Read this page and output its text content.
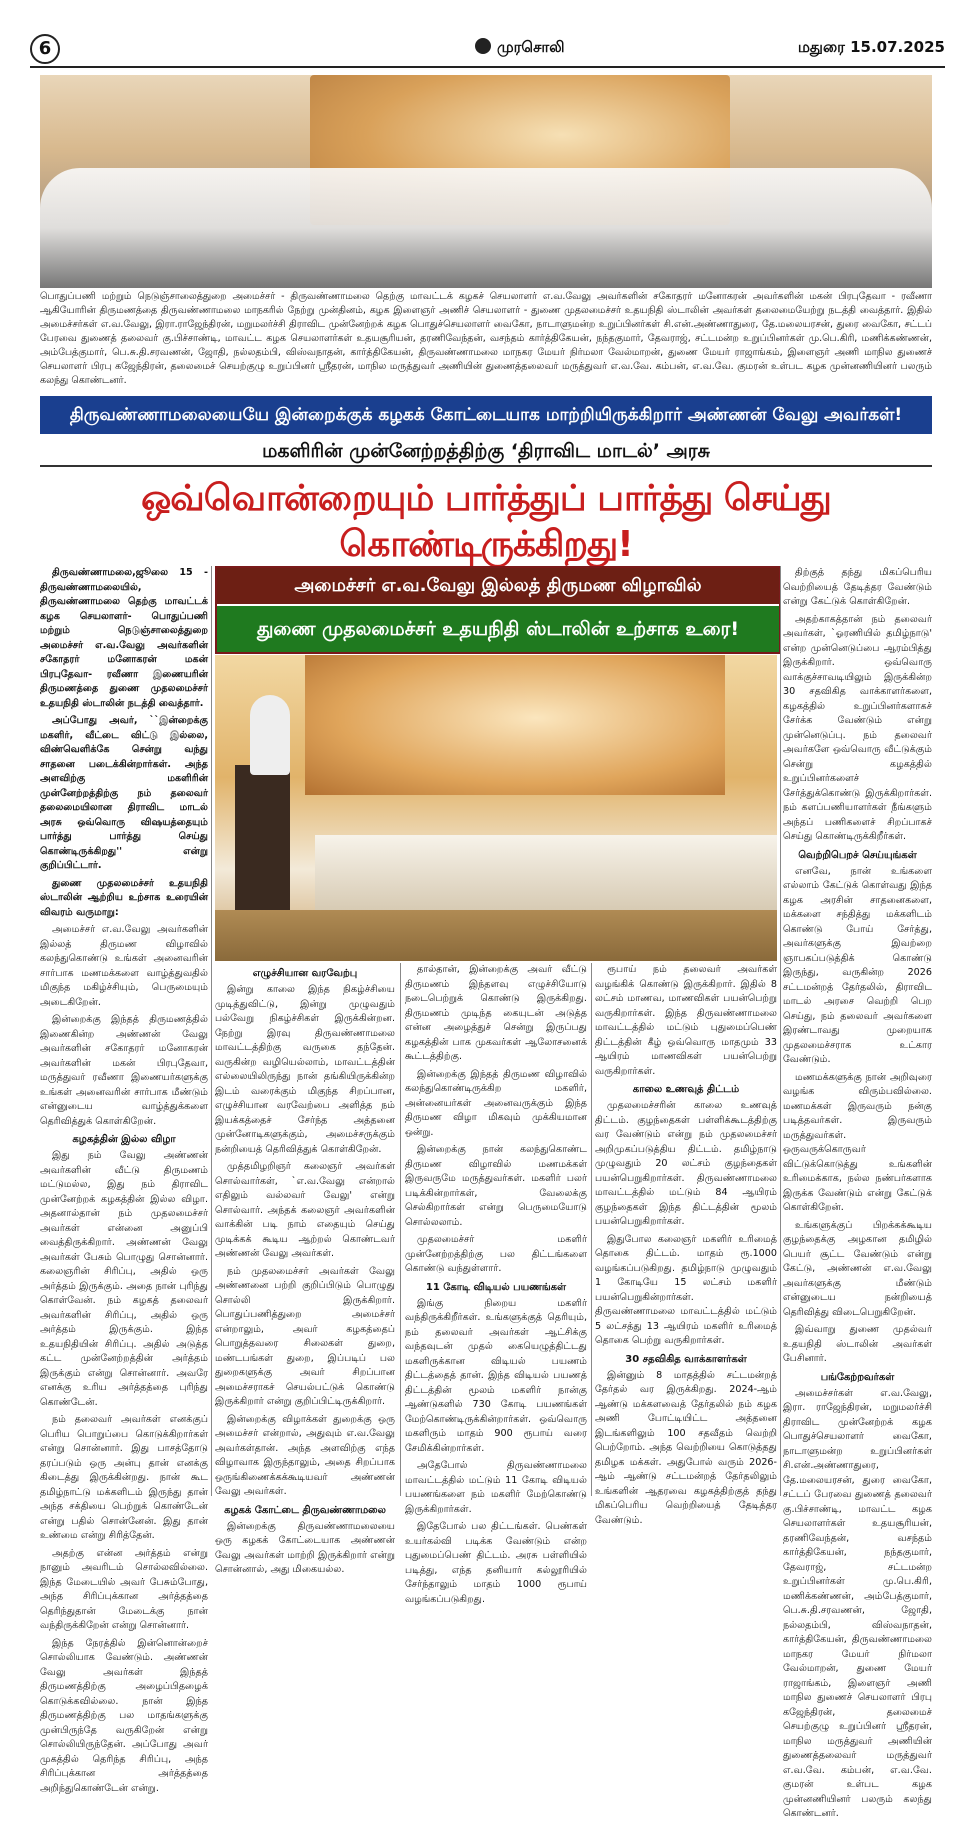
6	முரசொலி	மதுரை 15.07.2025
பொதுப்பணி மற்றும் நெடுஞ்சாலைத்துறை அமைச்சர் - திருவண்ணாமலை தெற்கு மாவட்டக் கழகச் செயலாளர் எ.வ.வேலு அவர்களின் சகோதரர் மனோகரன் அவர்களின் மகன் பிரபுதேவா - ரவீணா ஆகியோரின் திருமணத்தை திருவண்ணாமலை மாநகரில் நேற்று முன்தினம், கழக இளைஞர் அணிச் செயலாளர் - துணை முதலமைச்சர் உதயநிதி ஸ்டாலின் அவர்கள் தலைமையேற்று நடத்தி வைத்தார். இதில் அமைச்சர்கள் எ.வ.வேலு, இரா.ராஜேந்திரன், மறுமலர்ச்சி திராவிட முன்னேற்றக் கழக பொதுச்செயலாளர் வைகோ, நாடாளுமன்ற உறுப்பினர்கள் சி.என்.அண்ணாதுரை, தே.மலையரசன், துரை வைகோ, சட்டப் பேரவை துணைத் தலைவர் கு.பிச்சாண்டி, மாவட்ட கழக செயலாளர்கள் உதயசூரியன், தரணிவேந்தன், வசந்தம் கார்த்திகேயன், நந்தகுமார், தேவராஜ், சட்டமன்ற உறுப்பினர்கள் மு.பெ.கிரி, மணிக்கண்ணன், அம்பேத்குமார், பெ.சு.தி.சரவணன், ஜோதி, நல்லதம்பி, விஸ்வநாதன், கார்த்திகேயன், திருவண்ணாமலை மாநகர மேயர் நிர்மலா வேல்மாறன், துணை மேயர் ராஜாங்கம், இளைஞர் அணி மாநில துணைச் செயலாளர் பிரபு கஜேந்திரன், தலைமைச் செயற்குழு உறுப்பினர் ஸ்ரீதரன், மாநில மருத்துவர் அணியின் துணைத்தலைவர் மருத்துவர் எ.வ.வே. கம்பன், எ.வ.வே. குமரன் உள்பட கழக முன்னணியினர் பலரும் கலந்து கொண்டனர்.
திருவண்ணாமலையையே இன்றைக்குக் கழகக் கோட்டையாக மாற்றியிருக்கிறார் அண்ணன் வேலு அவர்கள்!
மகளிரின் முன்னேற்றத்திற்கு ‘திராவிட மாடல்’ அரசு
ஒவ்வொன்றையும் பார்த்துப் பார்த்து செய்து கொண்டிருக்கிறது!
அமைச்சர் எ.வ.வேலு இல்லத் திருமண விழாவில்
துணை முதலமைச்சர் உதயநிதி ஸ்டாலின் உற்சாக உரை!

திருவண்ணாமலை,ஜூலை 15 - திருவண்ணாமலையில், திருவண்ணாமலை தெற்கு மாவட்டக் கழக செயலாளர்- பொதுப்பணி மற்றும் நெடுஞ்சாலைத்துறை அமைச்சர் எ.வ.வேலு அவர்களின் சகோதரர் மனோகரன் மகன் பிரபுதேவா- ரவீணா இணையரின் திருமணத்தை துணை முதலமைச்சர் உதயநிதி ஸ்டாலின் நடத்தி வைத்தார்.

அப்போது அவர், ``இன்றைக்கு மகளிர், வீட்டை விட்டு இல்லை, விண்வெளிக்கே சென்று வந்து சாதனை படைக்கின்றார்கள். அந்த அளவிற்கு மகளிரின் முன்னேற்றத்திற்கு நம் தலைவர் தலைமையிலான திராவிட மாடல் அரசு ஒவ்வொரு விஷயத்தையும் பார்த்து பார்த்து செய்து கொண்டிருக்கிறது'' என்று குறிப்பிட்டார்.

துணை முதலமைச்சர் உதயநிதி ஸ்டாலின் ஆற்றிய உற்சாக உரையின் விவரம் வருமாறு:

அமைச்சர் எ.வ.வேலு அவர்களின் இல்லத் திருமண விழாவில் கலந்துகொண்டு உங்கள் அனைவரின் சார்பாக மணமக்களை வாழ்த்துவதில் மிகுந்த மகிழ்ச்சியும், பெருமையும் அடைகிறேன்.

இன்றைக்கு இந்தத் திருமணத்தில் இணைகின்ற அண்ணன் வேலு அவர்களின் சகோதரர் மனோகரன் அவர்களின் மகன் பிரபுதேவா, மருத்துவர் ரவீணா இணையர்களுக்கு உங்கள் அனைவரின் சார்பாக மீண்டும் என்னுடைய வாழ்த்துக்களை தெரிவித்துக் கொள்கிறேன்.

கழகத்தின் இல்ல விழா

இது நம் வேலு அண்ணன் அவர்களின் வீட்டு திருமணம் மட்டுமல்ல, இது நம் திராவிட முன்னேற்றக் கழகத்தின் இல்ல விழா. அதனால்தான் நம் முதலமைச்சர் அவர்கள் என்னை அனுப்பி வைத்திருக்கிறார். அண்ணன் வேலு அவர்கள் பேசும் பொழுது சொன்னார். கலைஞரின் சிரிப்பு, அதில் ஒரு அர்த்தம் இருக்கும். அதை நான் புரிந்து கொள்வேன். நம் கழகத் தலைவர் அவர்களின் சிரிப்பு, அதில் ஒரு அர்த்தம் இருக்கும். இந்த உதயநிதியின் சிரிப்பு. அதில் அடுத்த கட்ட முன்னேற்றத்தின் அர்த்தம் இருக்கும் என்று சொன்னார். அவரே எனக்கு உரிய அர்த்தத்தை புரிந்து கொண்டேன்.

நம் தலைவர் அவர்கள் எனக்குப் பெரிய பொறுப்பை கொடுக்கிறார்கள் என்று சொன்னார். இது பாசத்தோடு தரப்படும் ஒரு அன்பு தான் எனக்கு கிடைத்து இருக்கின்றது. நான் கூட தமிழ்நாட்டு மக்களிடம் இருந்து தான் அந்த சக்தியை பெற்றுக் கொண்டேன் என்று பதில் சொன்னேன். இது தான் உண்மை என்று சிரித்தேன்.

அதற்கு என்ன அர்த்தம் என்று நானும் அவரிடம் சொல்லவில்லை. இந்த மேடையில் அவர் பேசும்போது, அந்த சிரிப்புக்கான அர்த்தத்தை தெரிந்துதான் மேடைக்கு நான் வந்திருக்கிறேன் என்று சொன்னார்.

இந்த நேரத்தில் இன்னொன்றைச் சொல்லியாக வேண்டும். அண்ணன் வேலு அவர்கள் இந்தத் திருமணத்திற்கு அழைப்பிதழைக் கொடுக்கவில்லை. நான் இந்த திருமணத்திற்கு பல மாதங்களுக்கு முன்பிருந்தே வருகிறேன் என்று சொல்லியிருந்தேன். அப்போது அவர் முகத்தில் தெரிந்த சிரிப்பு, அந்த சிரிப்புக்கான அர்த்தத்தை அறிந்துகொண்டேன் என்று.

எழுச்சியான வரவேற்பு

இன்று காலை இந்த நிகழ்ச்சியை முடித்துவிட்டு, இன்று முழுவதும் பல்வேறு நிகழ்ச்சிகள் இருக்கின்றன. நேற்று இரவு திருவண்ணாமலை மாவட்டத்திற்கு வருகை தந்தேன். வருகின்ற வழியெல்லாம், மாவட்டத்தின் எல்லையிலிருந்து நான் தங்கியிருக்கின்ற இடம் வரைக்கும் மிகுந்த சிறப்பான, எழுச்சியான வரவேற்பை அளித்த நம் இயக்கத்தைச் சேர்ந்த அத்தனை முன்னோடிகளுக்கும், அமைச்சருக்கும் நன்றியைத் தெரிவித்துக் கொள்கிறேன்.

முத்தமிழறிஞர் கலைஞர் அவர்கள் சொல்வார்கள், `எ.வ.வேலு என்றால் எதிலும் வல்லவர் வேலு' என்று சொல்வார். அந்தக் கலைஞர் அவர்களின் வாக்கின் படி நாம் எதையும் செய்து முடிக்கக் கூடிய ஆற்றல் கொண்டவர் அண்ணன் வேலு அவர்கள்.

நம் முதலமைச்சர் அவர்கள் வேலு அண்ணனை பற்றி குறிப்பிடும் பொழுது சொல்லி இருக்கிறார். பொதுப்பணித்துறை அமைச்சர் என்றாலும், அவர் கழகத்தைப் பொறுத்தவரை சிலைகள் துறை, மண்டபங்கள் துறை, இப்படிப் பல துறைகளுக்கு அவர் சிறப்பான அமைச்சராகச் செயல்பட்டுக் கொண்டு இருக்கிறார் என்று குறிப்பிட்டிருக்கிறார்.

இன்றைக்கு விழாக்கள் துறைக்கு ஒரு அமைச்சர் என்றால், அதுவும் எ.வ.வேலு அவர்கள்தான். அந்த அளவிற்கு எந்த விழாவாக இருந்தாலும், அதை சிறப்பாக ஒருங்கிணைக்கக்கூடியவர் அண்ணன் வேலு அவர்கள்.

கழகக் கோட்டை திருவண்ணாமலை

இன்றைக்கு திருவண்ணாமலையை ஒரு கழகக் கோட்டையாக அண்ணன் வேலு அவர்கள் மாற்றி இருக்கிறார் என்று சொன்னால், அது மிகையல்ல.

தால்தான், இன்றைக்கு அவர் வீட்டு திருமணம் இந்தளவு எழுச்சியோடு நடைபெற்றுக் கொண்டு இருக்கிறது. திருமணம் முடிந்த கையுடன் அடுத்த என்ன அழைத்துச் சென்று இருப்பது கழகத்தின் பாக முகவர்கள் ஆலோசனைக் கூட்டத்திற்கு.

இன்றைக்கு இந்தத் திருமண விழாவில் கலந்துகொண்டிருக்கிற மகளிர், அன்னையர்கள் அனைவருக்கும் இந்த திருமண விழா மிகவும் முக்கியமான ஒன்று.

இன்றைக்கு நான் கலந்துகொண்ட திருமண விழாவில் மணமக்கள் இருவருமே மருத்துவர்கள். மகளிர் பலர் படிக்கின்றார்கள், வேலைக்கு செல்கிறார்கள் என்று பெருமையோடு சொல்லலாம்.

முதலமைச்சர் மகளிர் முன்னேற்றத்திற்கு பல திட்டங்களை கொண்டு வந்துள்ளார்.

11 கோடி விடியல் பயணங்கள்

இங்கு நிறைய மகளிர் வந்திருக்கிறீர்கள். உங்களுக்குத் தெரியும், நம் தலைவர் அவர்கள் ஆட்சிக்கு வந்தவுடன் முதல் கையெழுத்திட்டது மகளிருக்கான விடியல் பயணம் திட்டத்தைத் தான். இந்த விடியல் பயணத் திட்டத்தின் மூலம் மகளிர் நான்கு ஆண்டுகளில் 730 கோடி பயணங்கள் மேற்கொண்டிருக்கின்றார்கள். ஒவ்வொரு மகளிரும் மாதம் 900 ரூபாய் வரை சேமிக்கின்றார்கள்.

அதேபோல் திருவண்ணாமலை மாவட்டத்தில் மட்டும் 11 கோடி விடியல் பயணங்களை நம் மகளிர் மேற்கொண்டு இருக்கிறார்கள்.

இதேபோல் பல திட்டங்கள். பெண்கள் உயர்கல்வி படிக்க வேண்டும் என்ற புதுமைப்பெண் திட்டம். அரசு பள்ளியில் படித்து, எந்த தனியார் கல்லூரியில் சேர்ந்தாலும் மாதம் 1000 ரூபாய் வழங்கப்படுகிறது.

ரூபாய் நம் தலைவர் அவர்கள் வழங்கிக் கொண்டு இருக்கிறார். இதில் 8 லட்சம் மாணவ, மாணவிகள் பயன்பெற்று வருகிறார்கள். இந்த திருவண்ணாமலை மாவட்டத்தில் மட்டும் புதுமைப்பெண் திட்டத்தின் கீழ் ஒவ்வொரு மாதமும் 33 ஆயிரம் மாணவிகள் பயன்பெற்று வருகிறார்கள்.

காலை உணவுத் திட்டம்

முதலமைச்சரின் காலை உணவுத் திட்டம். குழந்தைகள் பள்ளிக்கூடத்திற்கு வர வேண்டும் என்று நம் முதலமைச்சர் அறிமுகப்படுத்திய திட்டம். தமிழ்நாடு முழுவதும் 20 லட்சம் குழந்தைகள் பயன்பெறுகிறார்கள். திருவண்ணாமலை மாவட்டத்தில் மட்டும் 84 ஆயிரம் குழந்தைகள் இந்த திட்டத்தின் மூலம் பயன்பெறுகிறார்கள்.

இதுபோல கலைஞர் மகளிர் உரிமைத் தொகை திட்டம். மாதம் ரூ.1000 வழங்கப்படுகிறது. தமிழ்நாடு முழுவதும் 1 கோடியே 15 லட்சம் மகளிர் பயன்பெறுகின்றார்கள். திருவண்ணாமலை மாவட்டத்தில் மட்டும் 5 லட்சத்து 13 ஆயிரம் மகளிர் உரிமைத் தொகை பெற்று வருகிறார்கள்.

30 சதவிகித வாக்காளர்கள்

இன்னும் 8 மாதத்தில் சட்டமன்றத் தேர்தல் வர இருக்கிறது. 2024-ஆம் ஆண்டு மக்களவைத் தேர்தலில் நம் கழக அணி போட்டியிட்ட அத்தனை இடங்களிலும் 100 சதவீதம் வெற்றி பெற்றோம். அந்த வெற்றியை கொடுத்தது தமிழக மக்கள். அதுபோல் வரும் 2026-ஆம் ஆண்டு சட்டமன்றத் தேர்தலிலும் உங்களின் ஆதரவை கழகத்திற்குத் தந்து மிகப்பெரிய வெற்றியைத் தேடித்தர வேண்டும்.

திற்குத் தந்து மிகப்பெரிய வெற்றியைத் தேடித்தர வேண்டும் என்று கேட்டுக் கொள்கிறேன்.

அதற்காகத்தான் நம் தலைவர் அவர்கள், `ஓரணியில் தமிழ்நாடு' என்ற முன்னெடுப்பை ஆரம்பித்து இருக்கிறார். ஒவ்வொரு வாக்குச்சாவடியிலும் இருக்கின்ற 30 சதவிகித வாக்காளர்களை, கழகத்தில் உறுப்பினர்களாகச் சேர்க்க வேண்டும் என்று முன்னெடுப்பு. நம் தலைவர் அவர்களே ஒவ்வொரு வீட்டுக்கும் சென்று கழகத்தில் உறுப்பினர்களைச் சேர்த்துக்கொண்டு இருக்கிறார்கள். நம் களப்பணியாளர்கள் நீங்களும் அந்தப் பணிகளைச் சிறப்பாகச் செய்து கொண்டிருக்கிறீர்கள்.

வெற்றிபெறச் செய்யுங்கள்

எனவே, நான் உங்களை எல்லாம் கேட்டுக் கொள்வது இந்த கழக அரசின் சாதனைகளை, மக்களை சந்தித்து மக்களிடம் கொண்டு போய் சேர்த்து, அவர்களுக்கு இவற்றை ஞாபகப்படுத்திக் கொண்டு இருந்து, வருகின்ற 2026 சட்டமன்றத் தேர்தலில், திராவிட மாடல் அரசை வெற்றி பெற செய்து, நம் தலைவர் அவர்களை இரண்டாவது முறையாக முதலமைச்சராக உட்கார வேண்டும்.

மணமக்களுக்கு நான் அறிவுரை வழங்க விரும்பவில்லை. மணமக்கள் இருவரும் நன்கு படித்தவர்கள். இருவரும் மருத்துவர்கள். ஒருவருக்கொருவர் விட்டுக்கொடுத்து உங்களின் உரிமைக்காக, நல்ல நண்பர்களாக இருக்க வேண்டும் என்று கேட்டுக் கொள்கிறேன்.

உங்களுக்குப் பிறக்கக்கூடிய குழந்தைக்கு அழகான தமிழில் பெயர் சூட்ட வேண்டும் என்று கேட்டு, அண்ணன் எ.வ.வேலு அவர்களுக்கு மீண்டும் என்னுடைய நன்றியைத் தெரிவித்து விடைபெறுகிறேன்.

இவ்வாறு துணை முதல்வர் உதயநிதி ஸ்டாலின் அவர்கள் பேசினார்.

பங்கேற்றவர்கள்

அமைச்சர்கள் எ.வ.வேலு, இரா. ராஜேந்திரன், மறுமலர்ச்சி திராவிட முன்னேற்றக் கழக பொதுச்செயலாளர் வைகோ, நாடாளுமன்ற உறுப்பினர்கள் சி.என்.அண்ணாதுரை, தே.மலையரசன், துரை வைகோ, சட்டப் பேரவை துணைத் தலைவர் கு.பிச்சாண்டி, மாவட்ட கழக செயலாளர்கள் உதயசூரியன், தரணிவேந்தன், வசந்தம் கார்த்திகேயன், நந்தகுமார், தேவராஜ், சட்டமன்ற உறுப்பினர்கள் மு.பெ.கிரி, மணிக்கண்ணன், அம்பேத்குமார், பெ.சு.தி.சரவணன், ஜோதி, நல்லதம்பி, விஸ்வநாதன், கார்த்திகேயன், திருவண்ணாமலை மாநகர மேயர் நிர்மலா வேல்மாறன், துணை மேயர் ராஜாங்கம், இளைஞர் அணி மாநில துணைச் செயலாளர் பிரபு கஜேந்திரன், தலைமைச் செயற்குழு உறுப்பினர் ஸ்ரீதரன், மாநில மருத்துவர் அணியின் துணைத்தலைவர் மருத்துவர் எ.வ.வே. கம்பன், எ.வ.வே. குமரன் உள்பட கழக முன்னணியினர் பலரும் கலந்து கொண்டனர்.
